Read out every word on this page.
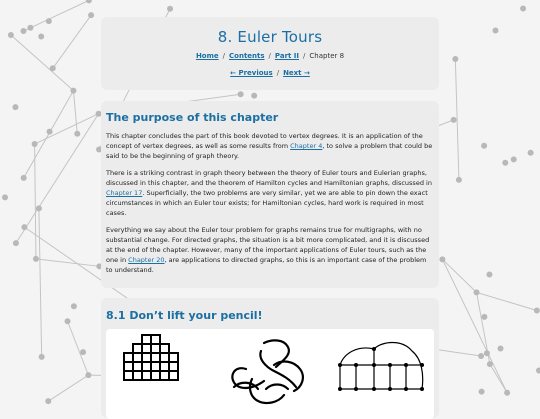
8. Euler Tours
Home / Contents / Part II / Chapter 8
← Previous / Next →
The purpose of this chapter

This chapter concludes the part of this book devoted to vertex degrees. It is an application of the concept of vertex degrees, as well as some results from Chapter 4, to solve a problem that could be said to be the beginning of graph theory.

There is a striking contrast in graph theory between the theory of Euler tours and Eulerian graphs, discussed in this chapter, and the theorem of Hamilton cycles and Hamiltonian graphs, discussed in Chapter 17. Superficially, the two problems are very similar, yet we are able to pin down the exact circumstances in which an Euler tour exists; for Hamiltonian cycles, hard work is required in most cases.

Everything we say about the Euler tour problem for graphs remains true for multigraphs, with no substantial change. For directed graphs, the situation is a bit more complicated, and it is discussed at the end of the chapter. However, many of the important applications of Euler tours, such as the one in Chapter 20, are applications to directed graphs, so this is an important case of the problem to understand.

8.1 Don’t lift your pencil!
